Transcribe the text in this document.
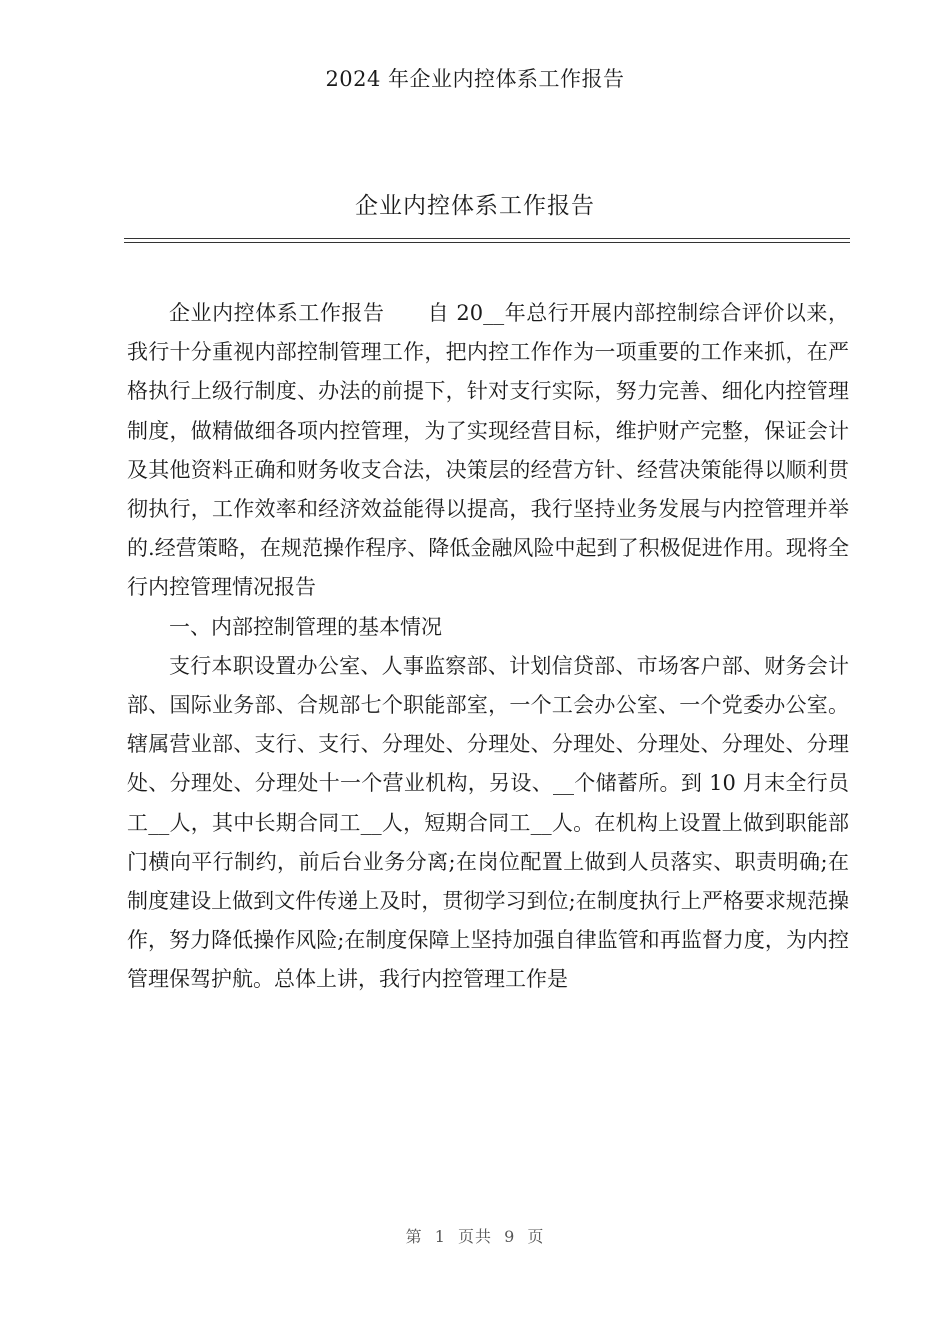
2024 年企业内控体系工作报告
企业内控体系工作报告

企业内控体系工作报告　　自 20__年总行开展内部控制综合评价以来，我行十分重视内部控制管理工作，把内控工作作为一项重要的工作来抓，在严格执行上级行制度、办法的前提下，针对支行实际，努力完善、细化内控管理制度，做精做细各项内控管理，为了实现经营目标，维护财产完整，保证会计及其他资料正确和财务收支合法，决策层的经营方针、经营决策能得以顺利贯彻执行，工作效率和经济效益能得以提高，我行坚持业务发展与内控管理并举的.经营策略，在规范操作程序、降低金融风险中起到了积极促进作用。现将全行内控管理情况报告

一、内部控制管理的基本情况

支行本职设置办公室、人事监察部、计划信贷部、市场客户部、财务会计部、国际业务部、合规部七个职能部室，一个工会办公室、一个党委办公室。辖属营业部、支行、支行、分理处、分理处、分理处、分理处、分理处、分理处、分理处、分理处十一个营业机构，另设、__个储蓄所。到 10 月末全行员工__人，其中长期合同工__人，短期合同工__人。在机构上设置上做到职能部门横向平行制约，前后台业务分离;在岗位配置上做到人员落实、职责明确;在制度建设上做到文件传递上及时，贯彻学习到位;在制度执行上严格要求规范操作，努力降低操作风险;在制度保障上坚持加强自律监管和再监督力度，为内控管理保驾护航。总体上讲，我行内控管理工作是

第 1 页共 9 页
